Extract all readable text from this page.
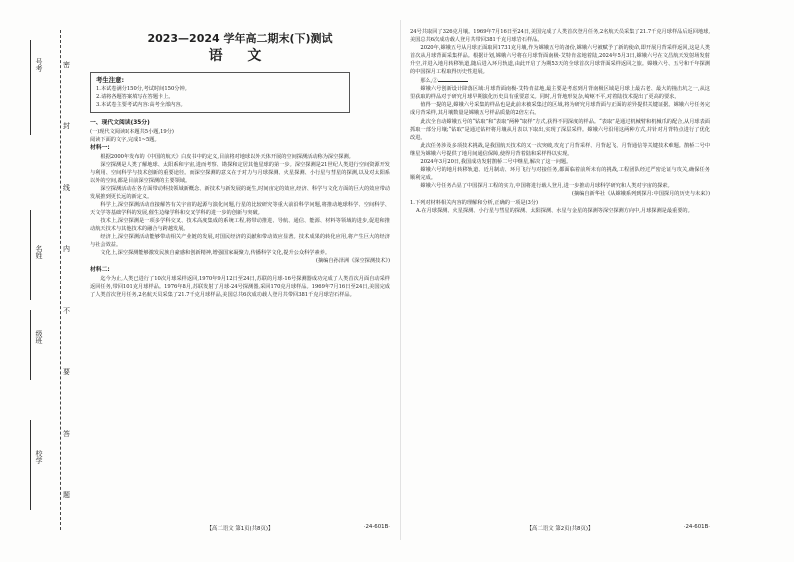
号考
名姓
级班
校学
密
封
线
内
不
要
答
题
2023—2024 学年高二期末(下)测试
语 文
考生注意:

1.本试卷满分150分,考试时间150分钟。

2.请将各题答案填写在答题卡上。

3.本试卷主要考试内容:高考全部内容。

一、现代文阅读(35分)
(一)现代文阅读Ⅰ(本题共5小题,19分)
阅读下面的文字,完成1~5题。
材料一:

根据2000年发布的《中国的航天》白皮书中的定义,目前将对地球以外天体开展的空间探测活动称为深空探测。

深空探测是人类了解地球、太阳系和宇宙,进而考察、勘探和定居其他星球的第一步。深空探测是21世纪人类进行空间资源开发与利用、空间科学与技术创新的重要途径。而深空探测的意义在于对力与月球探测、火星探测、小行星与彗星的探测,以及对太阳系以外的空间,都是目前深空探测的主要领域。

深空探测活动在各方面带动科技领域新概念、新技术与新发展的诞生,时间宙定的效应,经济、科学与文化方面的巨大的效应带动发展推到更长远的新定义。

科学上,深空探测活动直接解答有关宇宙的起源与演化问题,行星的比较研究等重大前沿科学问题,将推动地球科学、空间科学、天文学等基础学科的发展,催生边缘学科和交叉学科的进一步的创新与突破。

技术上,深空探测是一项多学科交叉、技术高度集成的系统工程,将带动推进、导航、通信、能源、材料等领域的进步,促进和推动航天技术与其他技术的融合与跨越发展。

经济上,深空探测活动能够带动相关产业链的发展,对国民经济的贡献和带动效应显著。技术成果的转化应用,将产生巨大的经济与社会效益。

文化上,深空探测能够激发民族自豪感和创新精神,增强国家凝聚力,传播科学文化,提升公众科学素养。

(摘编自孙泽洲《深空探测技术》)
材料二:

迄今为止,人类已进行了10次月球采样返回,1970年9月12日至24日,苏联的月球-16号探测器成功完成了人类首次月面自动采样返回任务,带回101克月球样品。1976年8月,苏联发射了月球-24号探测器,采回170克月球样品。1969年7月16日至24日,美国完成了人类首次登月任务,2名航天员采集了21.7千克月球样品,美国总共6次成功载人登月共带回381千克月球岩石样品。

【高二语文 第1页(共8页)】	·24-601B·

24号共取回了326克月壤。1969年7月16日至24日,美国完成了人类首次登月任务,2名航天员采集了21.7千克月球样品后返回地球,美国总共6次成功载人登月共带回381千克月球岩石样品。

2020年,嫦娥五号从月球正面取回1731克月壤,作为嫦娥五号的备份,嫦娥六号被赋予了新的使命,即开展月背采样返回,这是人类首次从月球背面采集样品。根据计划,嫦娥六号将在月球背面南极-艾特肯盆地着陆,2024年5月3日,嫦娥六号在文昌航天发射场发射升空,并进入地月转移轨道,随后进入环月轨道,由此开启了为期53天的全球首次月球背面采样返回之旅。嫦娥六号、五号和千年探测的中国探月工程取得历史性进展。

那么,②

嫦娥六号创新设计降落区域:月球背面南极-艾特肯盆地,最主要是考虑到月背南极区域是月球上最古老、最大的撞击坑之一,从这里获取的样品对于研究月球早期演化历史具有重要意义。同时,月背地形复杂,崎岖不平,对着陆技术提出了更高的要求。

值得一提的是,嫦娥六号采集的样品也是此前未被采集过的区域,将为研究月球背面与正面的差异提供关键证据。嫦娥六号任务完成月背采样,其月壤数量是嫦娥五号样品质量的2倍左右。

此次全自动嫦娥五号的“钻取”和“表取”两种“取样”方式,获得不同深度的样品。“表取”是通过机械臂和机械爪的配合,从月球表面抓取一部分月壤;“钻取”是通过钻杆将月壤从月表以下取出,实现了深层采样。嫦娥六号沿用这两种方式,并针对月背特点进行了优化改进。

此次任务涉及多项技术挑战,是我国航天技术的又一次突破,攻克了月背采样、月背起飞、月背通信等关键技术难题。鹊桥二号中继星为嫦娥六号提供了地月间通信保障,使得月背着陆和采样得以实现。

2024年3月20日,我国成功发射鹊桥二号中继星,解决了这一问题。

嫦娥六号的地月转移轨道、近月制动、环月飞行与对接任务,都面临着前所未有的挑战,工程团队经过严密论证与攻关,确保任务顺利完成。

嫦娥六号任务凸显了中国探月工程的实力,中国将进行载人登月,进一步推动月球科学研究和人类对宇宙的探索。

(摘编自新华社《从嫦娥系列到探月:中国探月的历史与未来》)
1.下列对材料相关内容的理解和分析,正确的一项是(3分)
A.在月球探测、火星探测、小行星与彗星的探测、太阳探测、水星与金星的探测等深空探测方向中,月球探测是最重要的。
【高二语文 第2页(共8页)】	·24-601B·
